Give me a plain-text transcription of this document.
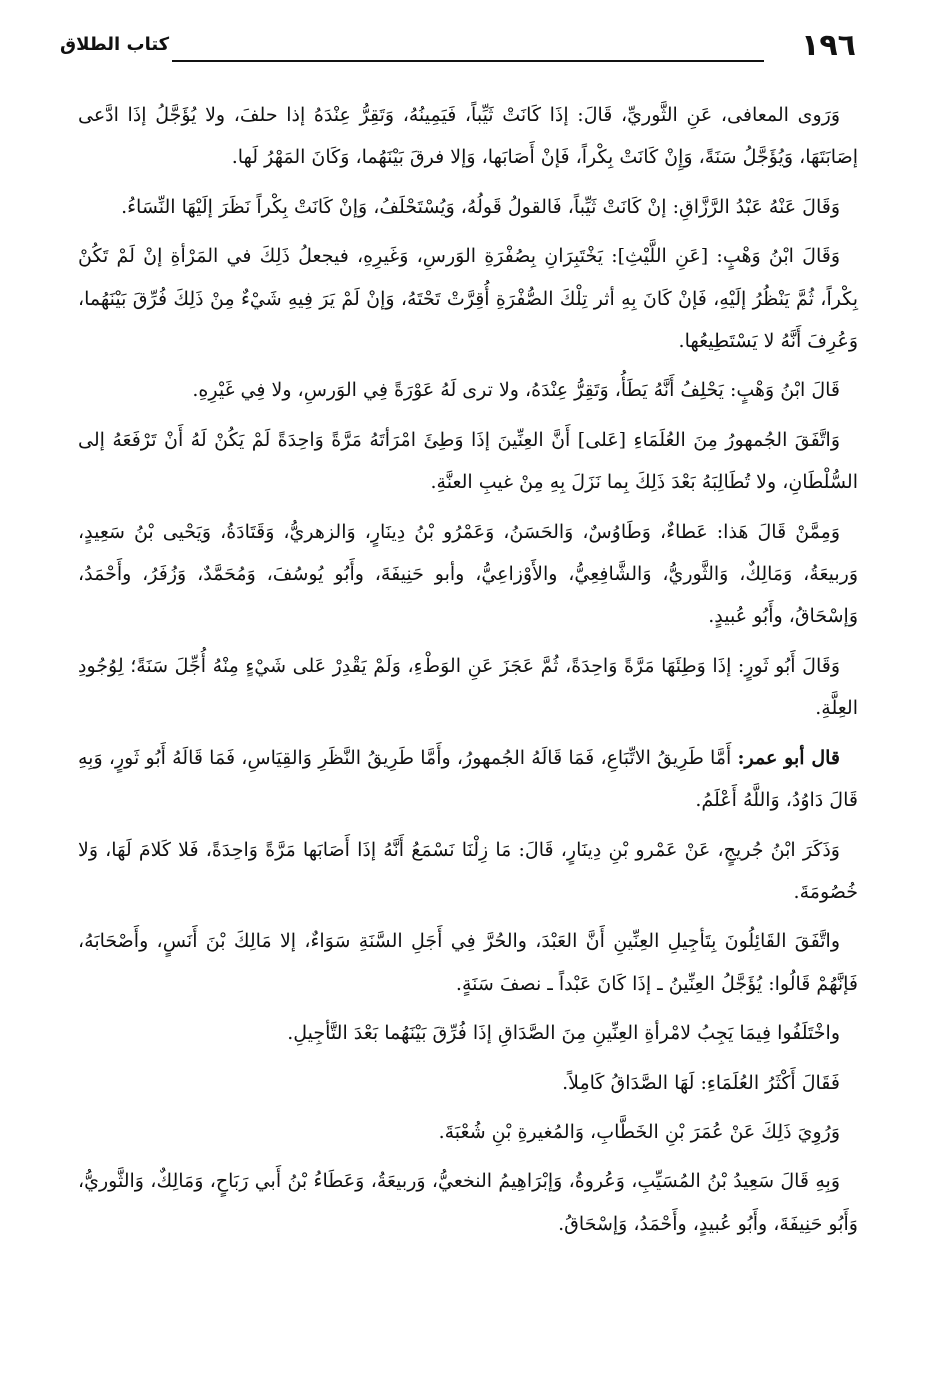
١٩٦
كتاب الطلاق

وَرَوى المعافى، عَنِ الثَّوريِّ، قَالَ: إذَا كَانَتْ ثَيِّباً، فَيَمِينُهُ، وَتَقِرُّ عِنْدَهُ إذا حلفَ، ولا يُؤَجَّلُ إذَا ادَّعى إصَابَتَهَا، وَيُؤَجَّلُ سَنَةً، وَإِنْ كَانَتْ بِكْراً، فَإنْ أَصَابَها، وَإلا فرقَ بَيْنَهُما، وَكَانَ المَهْرُ لَها.

وَقَالَ عَنْهُ عَبْدُ الرَّزَّاقِ: إنْ كَانَتْ ثَيِّباً، فَالقولُ قَولُهُ، وَيُسْتَحْلَفُ، وَإنْ كَانَتْ بِكْراً نَظَرَ إلَيْهَا النِّسَاءُ.

وَقَالَ ابْنُ وَهْبٍ: [عَنِ اللَّيْثِ]: يَخْتَبِرَانِ بِصُفْرَةِ الوَرسِ، وَغَيرِهِ، فيجعلُ ذَلِكَ في المَرْأةِ إنْ لَمْ تَكُنْ بِكْراً، ثُمَّ يَنْظُرُ إلَيْهِ، فَإنْ كَانَ بِهِ أثر تِلْكَ الصُّفْرَةِ أُقِرَّتْ تَحْتَهُ، وَإنْ لَمْ يَرَ فِيهِ شَيْءٌ مِنْ ذَلِكَ فُرِّقَ بَيْنَهُما، وَعُرِفَ أَنَّهُ لا يَسْتَطِيعُها.

قَالَ ابْنُ وَهْبٍ: يَحْلِفُ أَنَّهُ يَطَأُ، وَتَقِرُّ عِنْدَهُ، ولا ترى لَهُ عَوْرَةً فِي الوَرسِ، ولا فِي غَيْرِهِ.

وَاتَّفَقَ الجُمهورُ مِنَ العُلَمَاءِ [عَلى] أَنَّ العِنِّينَ إذَا وَطِئَ امْرَأتَهُ مَرَّةً وَاحِدَةً لَمْ يَكُنْ لَهُ أَنْ تَرْفَعَهُ إلى السُّلْطَانِ، ولا تُطَالِبَهُ بَعْدَ ذَلِكَ بِما نَزَلَ بِهِ مِنْ غيبِ العنَّةِ.

وَمِمَّنْ قَالَ هَذا: عَطاءٌ، وَطَاوُسٌ، وَالحَسَنُ، وَعَمْرُو بْنُ دِينَارٍ، وَالزهريُّ، وَقَتَادَةُ، وَيَحْيى بْنُ سَعِيدٍ، وَربيعَةُ، وَمَالِكٌ، وَالثَّوريُّ، وَالشَّافِعِيُّ، والأَوْزاعِيُّ، وأبو حَنِيفَةَ، وأَبُو يُوسُفَ، وَمُحَمَّدٌ، وَزُفَرُ، وأَحْمَدُ، وَإسْحَاقُ، وأَبُو عُبيدٍ.

وَقَالَ أَبُو ثَورٍ: إذَا وَطِئَهَا مَرَّةً وَاحِدَةً، ثُمَّ عَجَزَ عَنِ الوَطْءِ، وَلَمْ يَقْدِرْ عَلى شَيْءٍ مِنْهُ أُجِّلَ سَنَةً؛ لِوُجُودِ العِلَّةِ.

قال أبو عمر: أَمَّا طَرِيقُ الاتِّبَاعِ، فَمَا قَالَهُ الجُمهورُ، وأَمَّا طَرِيقُ النَّظَرِ وَالقِيَاسِ، فَمَا قَالَهُ أَبُو ثَورٍ، وَبِهِ قَالَ دَاوُدُ، وَاللَّهُ أَعْلَمُ.

وَذَكَرَ ابْنُ جُريجٍ، عَنْ عَمْرو بْنِ دِينَارٍ، قَالَ: مَا زِلْنَا نَسْمَعُ أَنَّهُ إذَا أَصَابَها مَرَّةً وَاحِدَةً، فَلا كَلامَ لَهَا، وَلا خُصُومَةَ.

واتَّفَقَ القَائِلُونَ بِتَأجِيلِ العِنِّينِ أَنَّ العَبْدَ، والحُرَّ فِي أَجَلِ السَّنَةِ سَوَاءٌ، إلا مَالِكَ بْنَ أَنَسٍ، وأَصْحَابَهُ، فَإنَّهُمْ قَالُوا: يُؤَجَّلُ العِنِّينُ ـ إذَا كَانَ عَبْداً ـ نصفَ سَنَةٍ.

واخْتَلَفُوا فِيمَا يَجِبُ لامْرأةِ العِنِّينِ مِنَ الصَّدَاقِ إذَا فُرِّقَ بَيْنَهُما بَعْدَ التَّأجِيلِ.

فَقَالَ أَكْثَرُ العُلَمَاءِ: لَهَا الصَّدَاقُ كَامِلاً.

وَرُوِيَ ذَلِكَ عَنْ عُمَرَ بْنِ الخَطَّابِ، وَالمُغيرةِ بْنِ شُعْبَةَ.

وَبِهِ قَالَ سَعِيدُ بْنُ المُسَيِّبِ، وَعُروةُ، وَإبْرَاهِيمُ النخعيُّ، وَربيعَةُ، وَعَطَاءُ بْنُ أَبي رَبَاحٍ، وَمَالِكٌ، وَالثَّوريُّ، وَأَبُو حَنِيفَةَ، وأَبُو عُبيدٍ، وأَحْمَدُ، وَإسْحَاقُ.
